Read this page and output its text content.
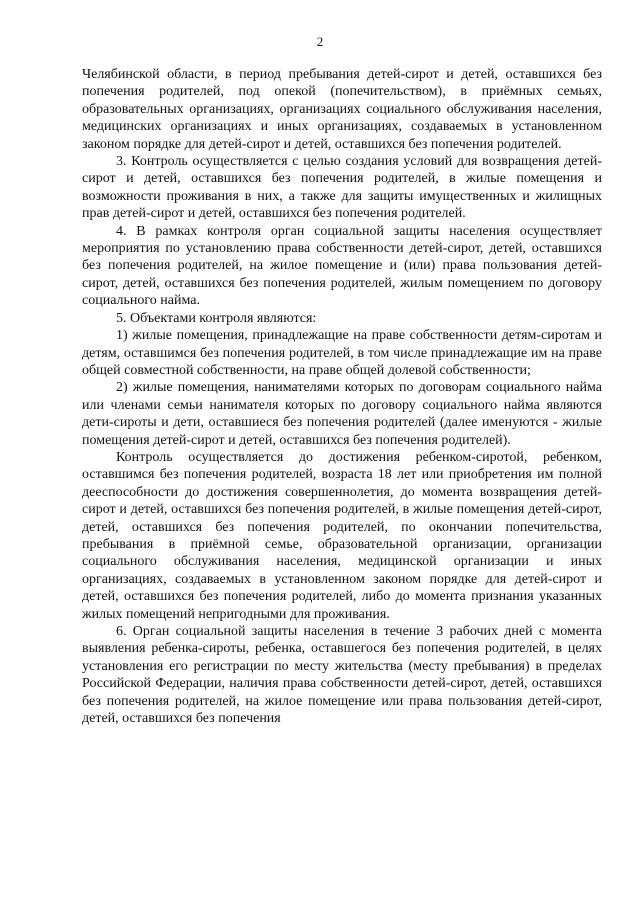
2

Челябинской области, в период пребывания детей-сирот и детей, оставшихся без попечения родителей, под опекой (попечительством), в приёмных семьях, образовательных организациях, организациях социального обслуживания населения, медицинских организациях и иных организациях, создаваемых в установленном законом порядке для детей-сирот и детей, оставшихся без попечения родителей.

3. Контроль осуществляется с целью создания условий для возвращения детей-сирот и детей, оставшихся без попечения родителей, в жилые помещения и возможности проживания в них, а также для защиты имущественных и жилищных прав детей-сирот и детей, оставшихся без попечения родителей.

4. В рамках контроля орган социальной защиты населения осуществляет мероприятия по установлению права собственности детей-сирот, детей, оставшихся без попечения родителей, на жилое помещение и (или) права пользования детей-сирот, детей, оставшихся без попечения родителей, жилым помещением по договору социального найма.

5. Объектами контроля являются:

1) жилые помещения, принадлежащие на праве собственности детям-сиротам и детям, оставшимся без попечения родителей, в том числе принадлежащие им на праве общей совместной собственности, на праве общей долевой собственности;

2) жилые помещения, нанимателями которых по договорам социального найма или членами семьи нанимателя которых по договору социального найма являются дети-сироты и дети, оставшиеся без попечения родителей (далее именуются - жилые помещения детей-сирот и детей, оставшихся без попечения родителей).

Контроль осуществляется до достижения ребенком-сиротой, ребенком, оставшимся без попечения родителей, возраста 18 лет или приобретения им полной дееспособности до достижения совершеннолетия, до момента возвращения детей-сирот и детей, оставшихся без попечения родителей, в жилые помещения детей-сирот, детей, оставшихся без попечения родителей, по окончании попечительства, пребывания в приёмной семье, образовательной организации, организации социального обслуживания населения, медицинской организации и иных организациях, создаваемых в установленном законом порядке для детей-сирот и детей, оставшихся без попечения родителей, либо до момента признания указанных жилых помещений непригодными для проживания.

6. Орган социальной защиты населения в течение 3 рабочих дней с момента выявления ребенка-сироты, ребенка, оставшегося без попечения родителей, в целях установления его регистрации по месту жительства (месту пребывания) в пределах Российской Федерации, наличия права собственности детей-сирот, детей, оставшихся без попечения родителей, на жилое помещение или права пользования детей-сирот, детей, оставшихся без попечения
